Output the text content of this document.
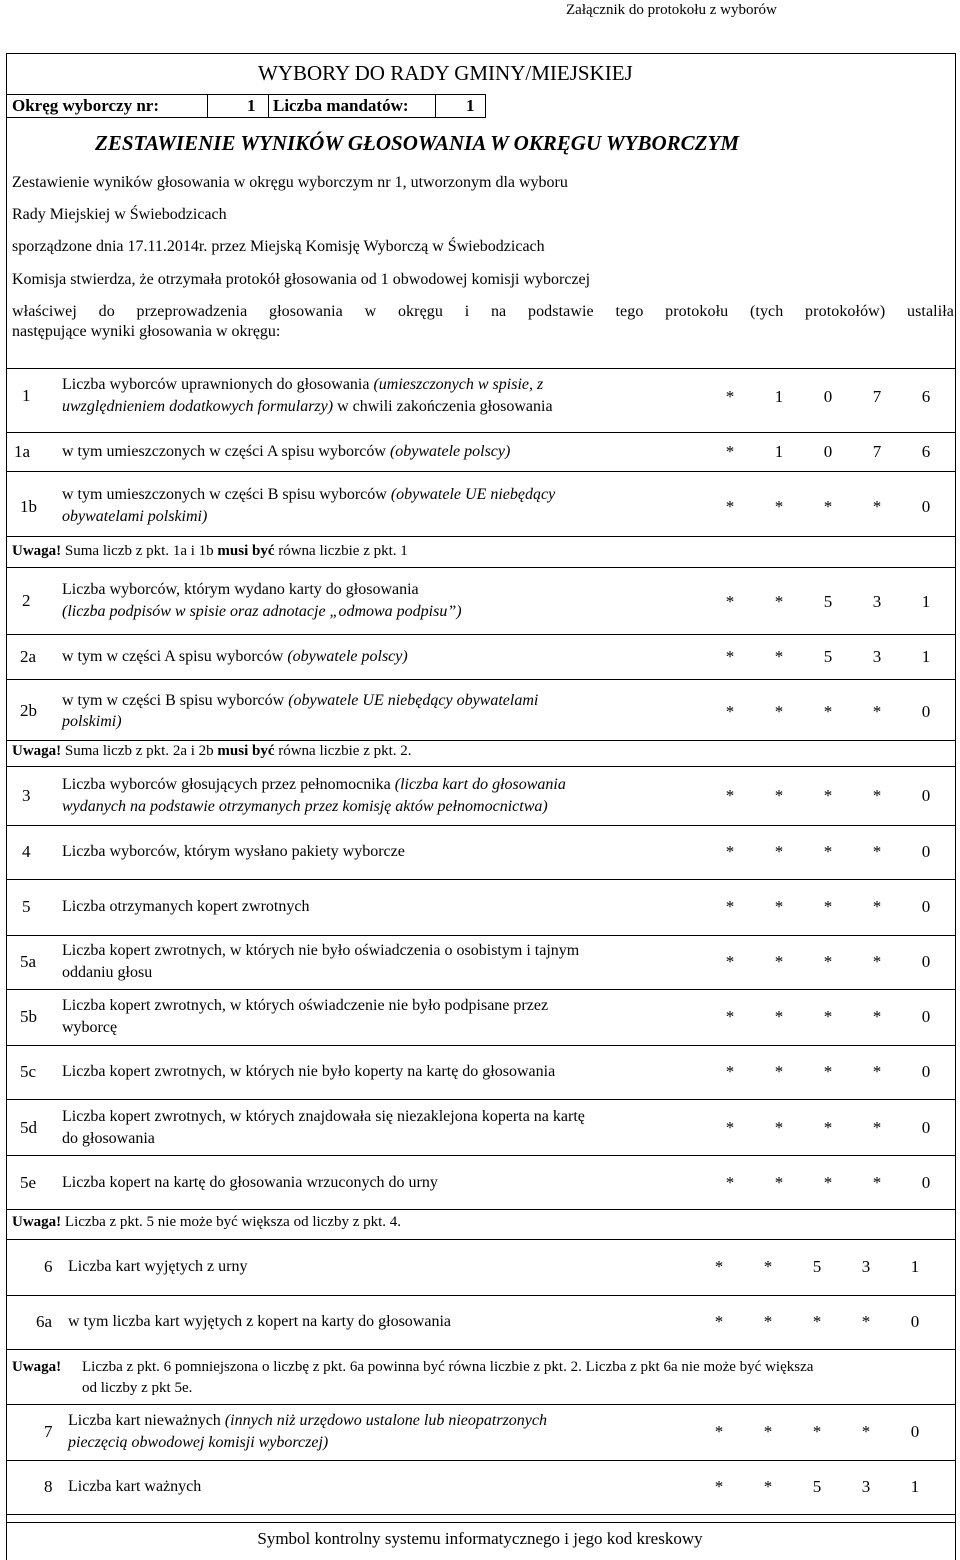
Załącznik do protokołu z wyborów
WYBORY DO RADY GMINY/MIEJSKIEJ
Okręg wyborczy nr:	1 Liczba mandatów:	1
ZESTAWIENIE WYNIKÓW GŁOSOWANIA W OKRĘGU WYBORCZYM
Zestawienie wyników głosowania w okręgu wyborczym nr 1, utworzonym dla wyboru
Rady Miejskiej w Świebodzicach
sporządzone dnia 17.11.2014r. przez Miejską Komisję Wyborczą w Świebodzicach
Komisja stwierdza, że otrzymała protokół głosowania od 1 obwodowej komisji wyborczej
właściwej do przeprowadzenia głosowania w okręgu i na podstawie tego protokołu (tych protokołów) ustaliła
następujące wyniki głosowania w okręgu:
1
Liczba wyborców uprawnionych do głosowania (umieszczonych w spisie, z
uwzględnieniem dodatkowych formularzy) w chwili zakończenia głosowania
*	1	0	7	6
1a w tym umieszczonych w części A spisu wyborców (obywatele polscy)	*	1	0	7	6
1b
w tym umieszczonych w części B spisu wyborców (obywatele UE niebędący
obywatelami polskimi)
*	*	*	*	0
Uwaga! Suma liczb z pkt. 1a i 1b musi być równa liczbie z pkt. 1
2
Liczba wyborców, którym wydano karty do głosowania
(liczba podpisów w spisie oraz adnotacje „odmowa podpisu”)
*	*	5	3	1
2a w tym w części A spisu wyborców (obywatele polscy)	*	*	5	3	1
2b
w tym w części B spisu wyborców (obywatele UE niebędący obywatelami
polskimi)
*	*	*	*	0
Uwaga! Suma liczb z pkt. 2a i 2b musi być równa liczbie z pkt. 2.
3
Liczba wyborców głosujących przez pełnomocnika (liczba kart do głosowania
wydanych na podstawie otrzymanych przez komisję aktów pełnomocnictwa)
*	*	*	*	0
4 Liczba wyborców, którym wysłano pakiety wyborcze	*	*	*	*	0
5 Liczba otrzymanych kopert zwrotnych	*	*	*	*	0
5a
Liczba kopert zwrotnych, w których nie było oświadczenia o osobistym i tajnym
oddaniu głosu
*	*	*	*	0
5b
Liczba kopert zwrotnych, w których oświadczenie nie było podpisane przez
wyborcę
*	*	*	*	0
5c Liczba kopert zwrotnych, w których nie było koperty na kartę do głosowania	*	*	*	*	0
5d
Liczba kopert zwrotnych, w których znajdowała się niezaklejona koperta na kartę
do głosowania
*	*	*	*	0
5e Liczba kopert na kartę do głosowania wrzuconych do urny	*	*	*	*	0
Uwaga! Liczba z pkt. 5 nie może być większa od liczby z pkt. 4.
6 Liczba kart wyjętych z urny	*	*	5	3	1
6a w tym liczba kart wyjętych z kopert na karty do głosowania	*	*	*	*	0
Uwaga! Liczba z pkt. 6 pomniejszona o liczbę z pkt. 6a powinna być równa liczbie z pkt. 2. Liczba z pkt 6a nie może być większa
od liczby z pkt 5e.
7
Liczba kart nieważnych (innych niż urzędowo ustalone lub nieopatrzonych
pieczęcią obwodowej komisji wyborczej)
*	*	*	*	0
8 Liczba kart ważnych	*	*	5	3	1
Symbol kontrolny systemu informatycznego i jego kod kreskowy
